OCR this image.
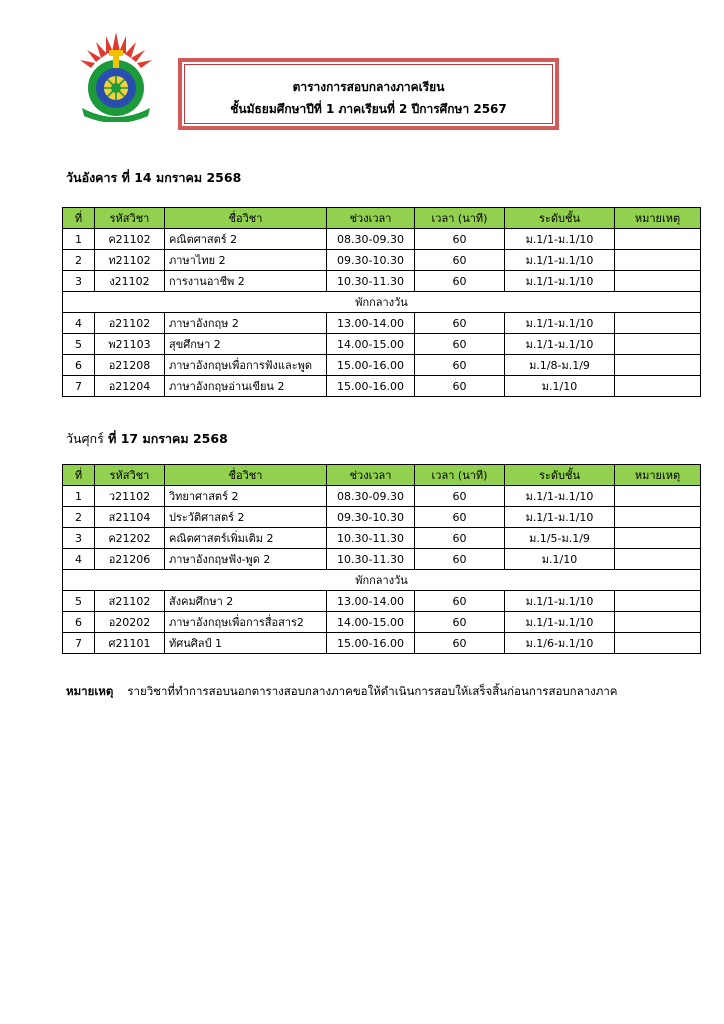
ตารางการสอบกลางภาคเรียน
ชั้นมัธยมศึกษาปีที่ 1 ภาคเรียนที่ 2 ปีการศึกษา 2567
วันอังคาร ที่ 14 มกราคม 2568
ที่	รหัสวิชา	ชื่อวิชา	ช่วงเวลา	เวลา (นาที)	ระดับชั้น	หมายเหตุ
1	ค21102	คณิตศาสตร์ 2	08.30-09.30	60	ม.1/1-ม.1/10	
2	ท21102	ภาษาไทย 2	09.30-10.30	60	ม.1/1-ม.1/10	
3	ง21102	การงานอาชีพ 2	10.30-11.30	60	ม.1/1-ม.1/10	
พักกลางวัน						
4	อ21102	ภาษาอังกฤษ 2	13.00-14.00	60	ม.1/1-ม.1/10	
5	พ21103	สุขศึกษา 2	14.00-15.00	60	ม.1/1-ม.1/10	
6	อ21208	ภาษาอังกฤษเพื่อการฟังและพูด	15.00-16.00	60	ม.1/8-ม.1/9	
7	อ21204	ภาษาอังกฤษอ่านเขียน 2	15.00-16.00	60	ม.1/10	
วันศุกร์ ที่ 17 มกราคม 2568
ที่	รหัสวิชา	ชื่อวิชา	ช่วงเวลา	เวลา (นาที)	ระดับชั้น	หมายเหตุ
1	ว21102	วิทยาศาสตร์ 2	08.30-09.30	60	ม.1/1-ม.1/10	
2	ส21104	ประวัติศาสตร์ 2	09.30-10.30	60	ม.1/1-ม.1/10	
3	ค21202	คณิตศาสตร์เพิ่มเติม 2	10.30-11.30	60	ม.1/5-ม.1/9	
4	อ21206	ภาษาอังกฤษฟัง-พูด 2	10.30-11.30	60	ม.1/10	
พักกลางวัน						
5	ส21102	สังคมศึกษา 2	13.00-14.00	60	ม.1/1-ม.1/10	
6	อ20202	ภาษาอังกฤษเพื่อการสื่อสาร2	14.00-15.00	60	ม.1/1-ม.1/10	
7	ศ21101	ทัศนศิลป์ 1	15.00-16.00	60	ม.1/6-ม.1/10	
หมายเหตุ รายวิชาที่ทำการสอบนอกตารางสอบกลางภาคขอให้ดำเนินการสอบให้เสร็จสิ้นก่อนการสอบกลางภาค
